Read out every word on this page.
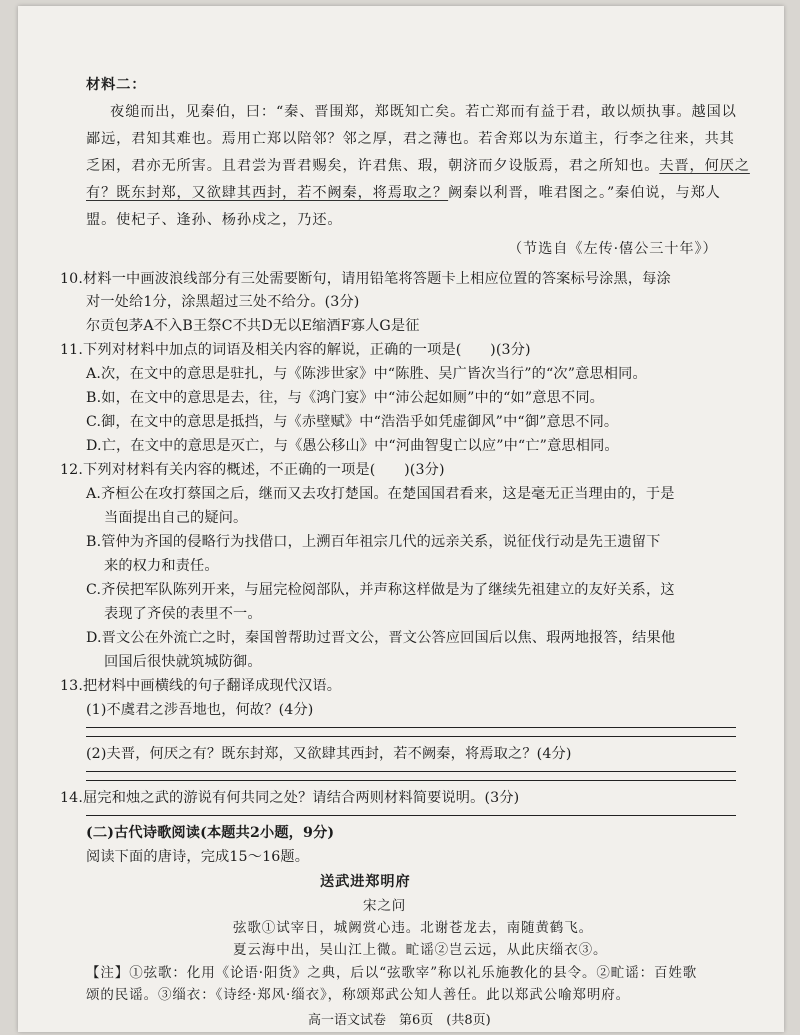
材料二：
夜缒而出，见秦伯，曰：“秦、晋围郑，郑既知亡矣。若亡郑而有益于君，敢以烦执事。越国以
鄙远，君知其难也。焉用亡郑以陪邻？邻之厚，君之薄也。若舍郑以为东道主，行李之往来，共其
乏困，君亦无所害。且君尝为晋君赐矣，许君焦、瑕，朝济而夕设版焉，君之所知也。夫晋，何厌之
有？既东封郑，又欲肆其西封，若不阙秦，将焉取之？阙秦以利晋，唯君图之。”秦伯说，与郑人
盟。使杞子、逢孙、杨孙戍之，乃还。
（节选自《左传·僖公三十年》）
10.材料一中画波浪线部分有三处需要断句，请用铅笔将答题卡上相应位置的答案标号涂黑，每涂
对一处给1分，涂黑超过三处不给分。(3分)
尔贡包茅A不入B王祭C不共D无以E缩酒F寡人G是征
11.下列对材料中加点的词语及相关内容的解说，正确的一项是(　　)(3分)
A.次，在文中的意思是驻扎，与《陈涉世家》中“陈胜、吴广皆次当行”的“次”意思相同。
B.如，在文中的意思是去，往，与《鸿门宴》中“沛公起如厕”中的“如”意思不同。
C.御，在文中的意思是抵挡，与《赤壁赋》中“浩浩乎如凭虚御风”中“御”意思不同。
D.亡，在文中的意思是灭亡，与《愚公移山》中“河曲智叟亡以应”中“亡”意思相同。
12.下列对材料有关内容的概述，不正确的一项是(　　)(3分)
A.齐桓公在攻打蔡国之后，继而又去攻打楚国。在楚国国君看来，这是毫无正当理由的，于是
当面提出自己的疑问。
B.管仲为齐国的侵略行为找借口，上溯百年祖宗几代的远亲关系，说征伐行动是先王遗留下
来的权力和责任。
C.齐侯把军队陈列开来，与屈完检阅部队，并声称这样做是为了继续先祖建立的友好关系，这
表现了齐侯的表里不一。
D.晋文公在外流亡之时，秦国曾帮助过晋文公，晋文公答应回国后以焦、瑕两地报答，结果他
回国后很快就筑城防御。
13.把材料中画横线的句子翻译成现代汉语。
(1)不虞君之涉吾地也，何故？(4分)
(2)夫晋，何厌之有？既东封郑，又欲肆其西封，若不阙秦，将焉取之？(4分)
14.屈完和烛之武的游说有何共同之处？请结合两则材料简要说明。(3分)
(二)古代诗歌阅读(本题共2小题，9分)
阅读下面的唐诗，完成15～16题。
送武进郑明府
宋之问
弦歌①试宰日，城阙赏心违。北谢苍龙去，南随黄鹤飞。
夏云海中出，吴山江上微。甿谣②岂云远，从此庆缁衣③。
【注】①弦歌：化用《论语·阳货》之典，后以“弦歌宰”称以礼乐施教化的县令。②甿谣：百姓歌
颂的民谣。③缁衣：《诗经·郑风·缁衣》，称颂郑武公知人善任。此以郑武公喻郑明府。
高一语文试卷　第6页　(共8页)
